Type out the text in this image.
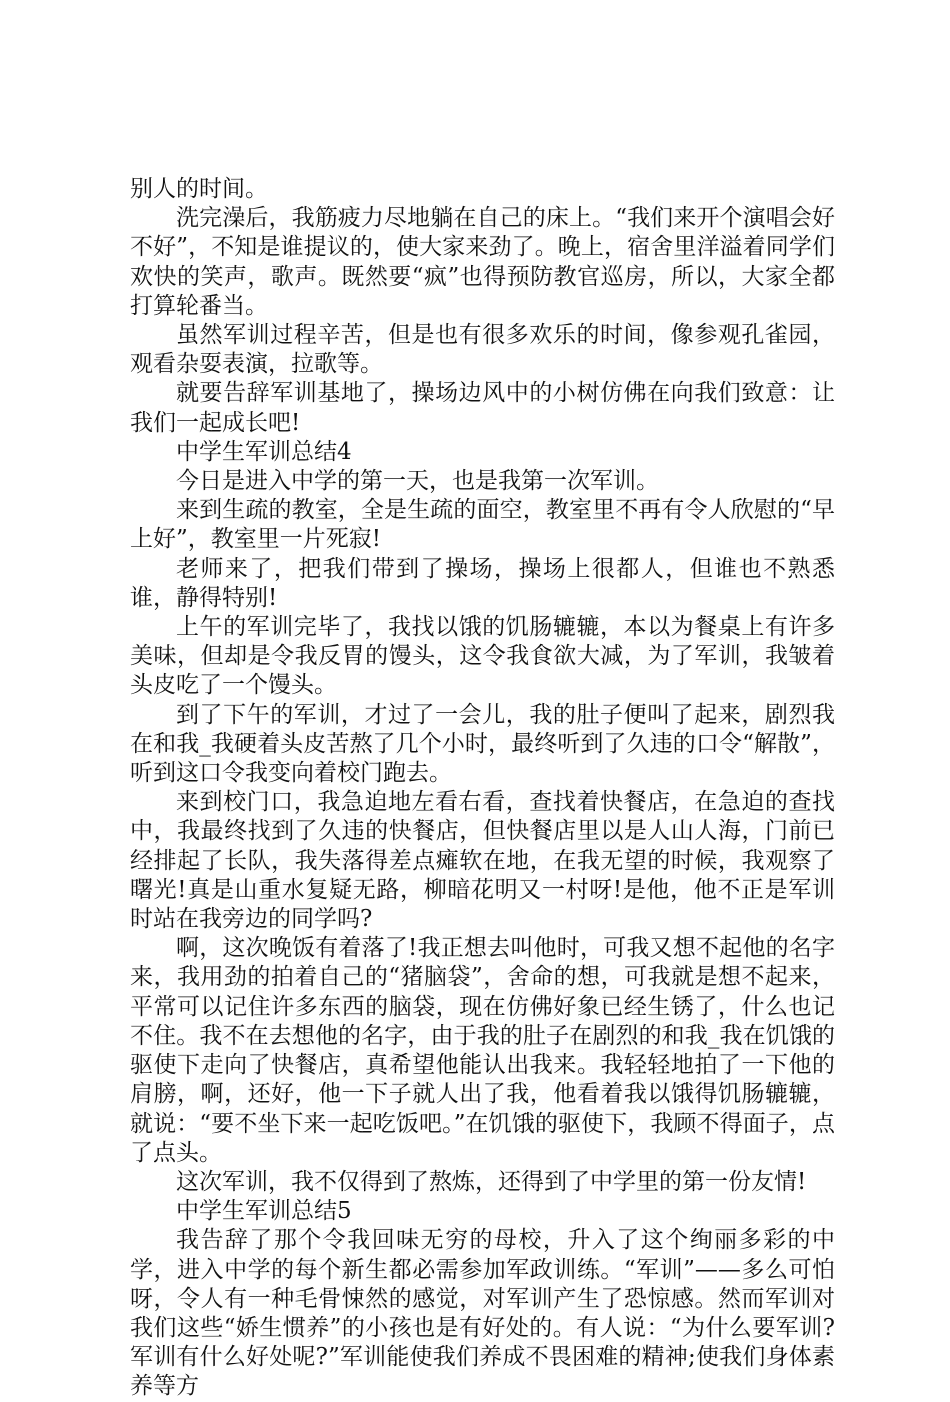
别人的时间。

洗完澡后，我筋疲力尽地躺在自己的床上。“我们来开个演唱会好不好”，不知是谁提议的，使大家来劲了。晚上，宿舍里洋溢着同学们欢快的笑声，歌声。既然要“疯”也得预防教官巡房，所以，大家全都打算轮番当。

虽然军训过程辛苦，但是也有很多欢乐的时间，像参观孔雀园，观看杂耍表演，拉歌等。

就要告辞军训基地了，操场边风中的小树仿佛在向我们致意：让我们一起成长吧!

中学生军训总结4

今日是进入中学的第一天，也是我第一次军训。

来到生疏的教室，全是生疏的面空，教室里不再有令人欣慰的“早上好”，教室里一片死寂!

老师来了，把我们带到了操场，操场上很都人，但谁也不熟悉谁，静得特别!

上午的军训完毕了，我找以饿的饥肠辘辘，本以为餐桌上有许多美味，但却是令我反胃的馒头，这令我食欲大减，为了军训，我皱着头皮吃了一个馒头。

到了下午的军训，才过了一会儿，我的肚子便叫了起来，剧烈我在和我_我硬着头皮苦熬了几个小时，最终听到了久违的口令“解散”，听到这口令我变向着校门跑去。

来到校门口，我急迫地左看右看，查找着快餐店，在急迫的查找中，我最终找到了久违的快餐店，但快餐店里以是人山人海，门前已经排起了长队，我失落得差点瘫软在地，在我无望的时候，我观察了曙光!真是山重水复疑无路，柳暗花明又一村呀!是他，他不正是军训时站在我旁边的同学吗?

啊，这次晚饭有着落了!我正想去叫他时，可我又想不起他的名字来，我用劲的拍着自己的“猪脑袋”，舍命的想，可我就是想不起来，平常可以记住许多东西的脑袋，现在仿佛好象已经生锈了，什么也记不住。我不在去想他的名字，由于我的肚子在剧烈的和我_我在饥饿的驱使下走向了快餐店，真希望他能认出我来。我轻轻地拍了一下他的肩膀，啊，还好，他一下子就人出了我，他看着我以饿得饥肠辘辘，就说：“要不坐下来一起吃饭吧。”在饥饿的驱使下，我顾不得面子，点了点头。

这次军训，我不仅得到了熬炼，还得到了中学里的第一份友情!

中学生军训总结5

我告辞了那个令我回味无穷的母校，升入了这个绚丽多彩的中学，进入中学的每个新生都必需参加军政训练。“军训”——多么可怕呀，令人有一种毛骨悚然的感觉，对军训产生了恐惊感。然而军训对我们这些“娇生惯养”的小孩也是有好处的。有人说：“为什么要军训?军训有什么好处呢?”军训能使我们养成不畏困难的精神;使我们身体素养等方
